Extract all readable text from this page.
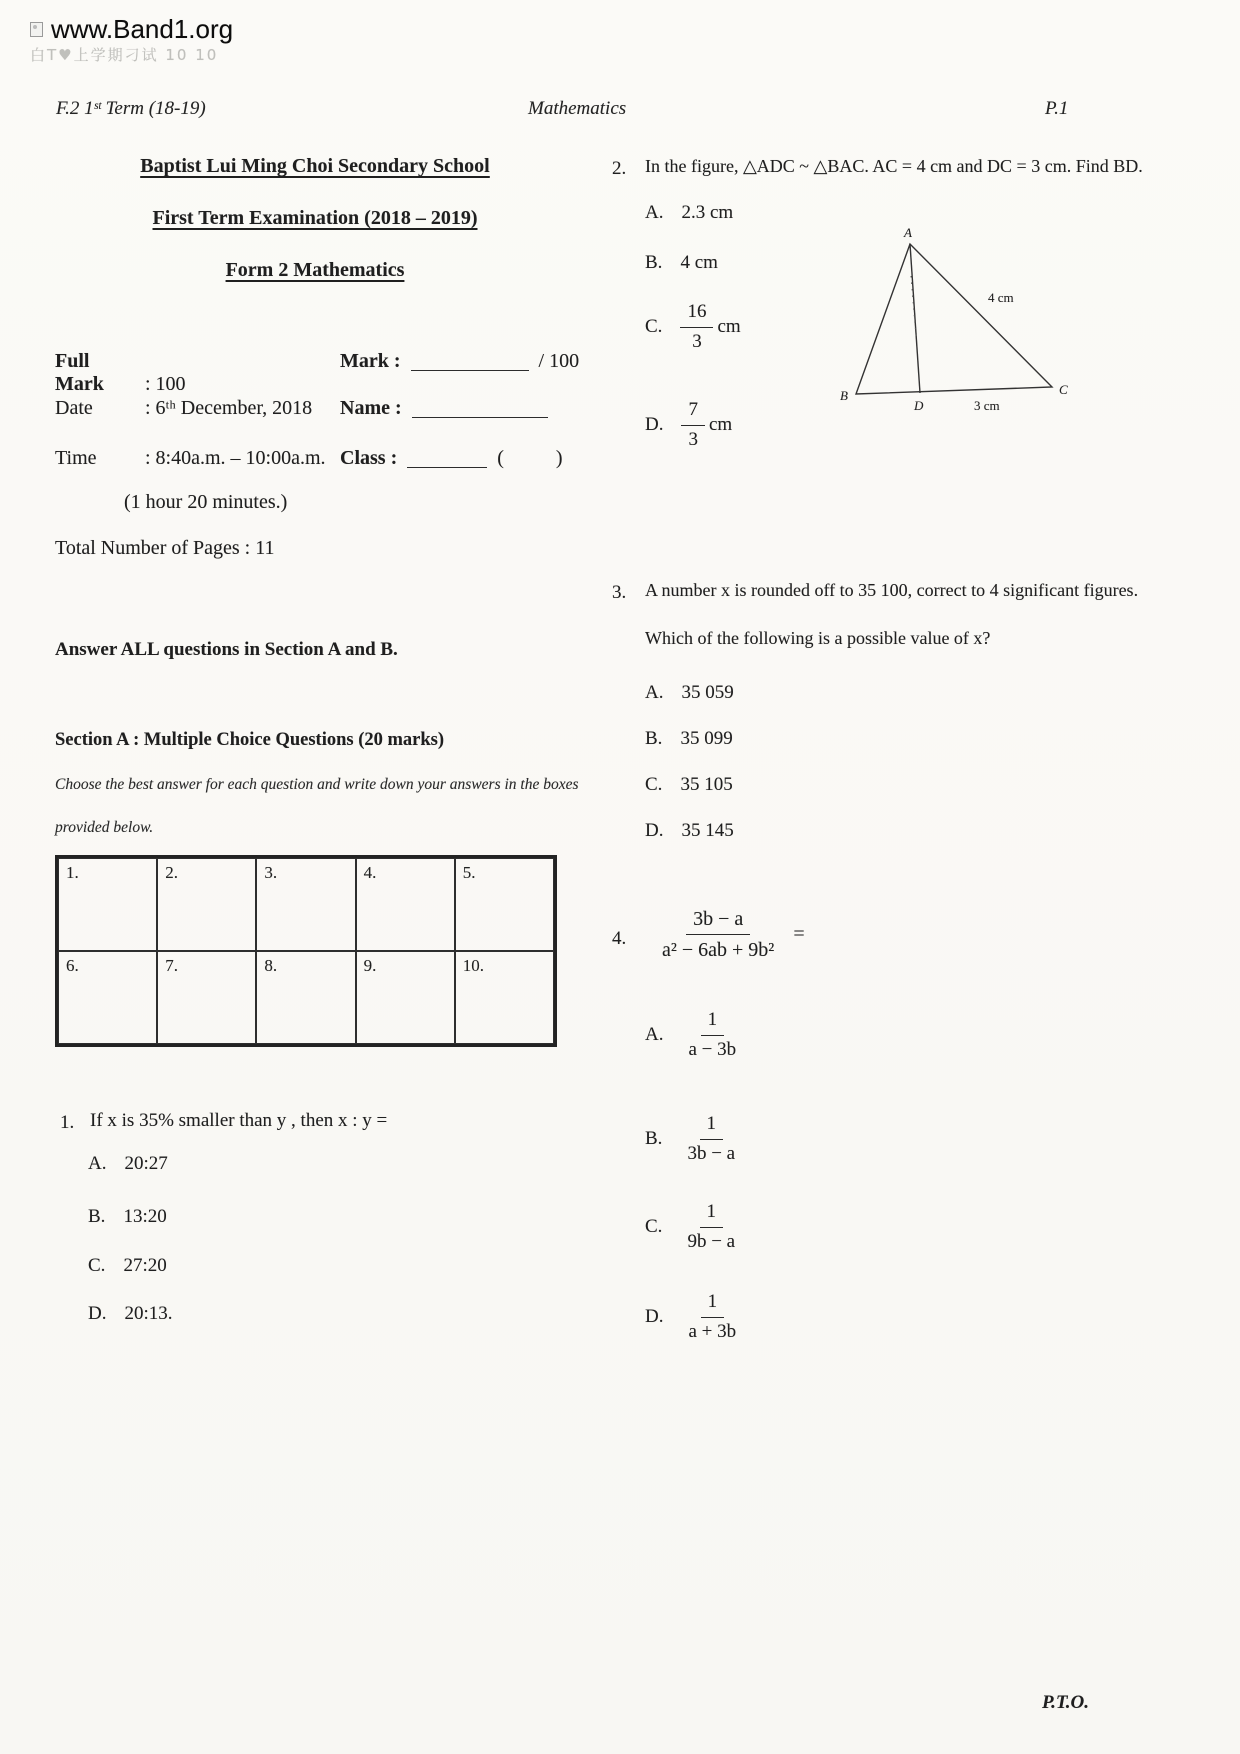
www.Band1.org
白T♥上学期刁试 10 10
F.2 1ˢᵗ Term (18-19)	Mathematics	P.1
Baptist Lui Ming Choi Secondary School
First Term Examination (2018 – 2019)
Form 2 Mathematics
Full Mark : 100
Mark :	/ 100
Date	: 6ᵗʰ December, 2018 Name :
Time : 8:40a.m. – 10:00a.m. Class :	(	)
(1 hour 20 minutes.)
Total Number of Pages : 11
Answer ALL questions in Section A and B.
Section A : Multiple Choice Questions (20 marks)
Choose the best answer for each question and write down your answers in the boxes
provided below.
1.	2.	3.	4.	5.
6.	7.	8.	9.	10.
1. If x is 35% smaller than y , then x : y =
A. 20:27
B. 13:20
C. 27:20
D. 20:13.
2. In the figure, △ADC ~ △BAC. AC = 4 cm and DC = 3 cm. Find BD.
A. 2.3 cm
B. 4 cm
C. $\frac{16}{3}$ cm
D. $\frac{7}{3}$ cm
A
B	C
D
4 cm
3 cm
3. A number x is rounded off to 35 100, correct to 4 significant figures.
Which of the following is a possible value of x?
A. 35 059
B. 35 099
C. 35 105
D. 35 145
4. $\frac{3b - a}{\text{a² − 6ab + 9b²}}$ =
A. $\frac{1}{a - 3b}$
B. $\frac{1}{3b - a}$
C. $\frac{1}{9b - a}$
D. $\frac{1}{a + 3b}$
P.T.O.
